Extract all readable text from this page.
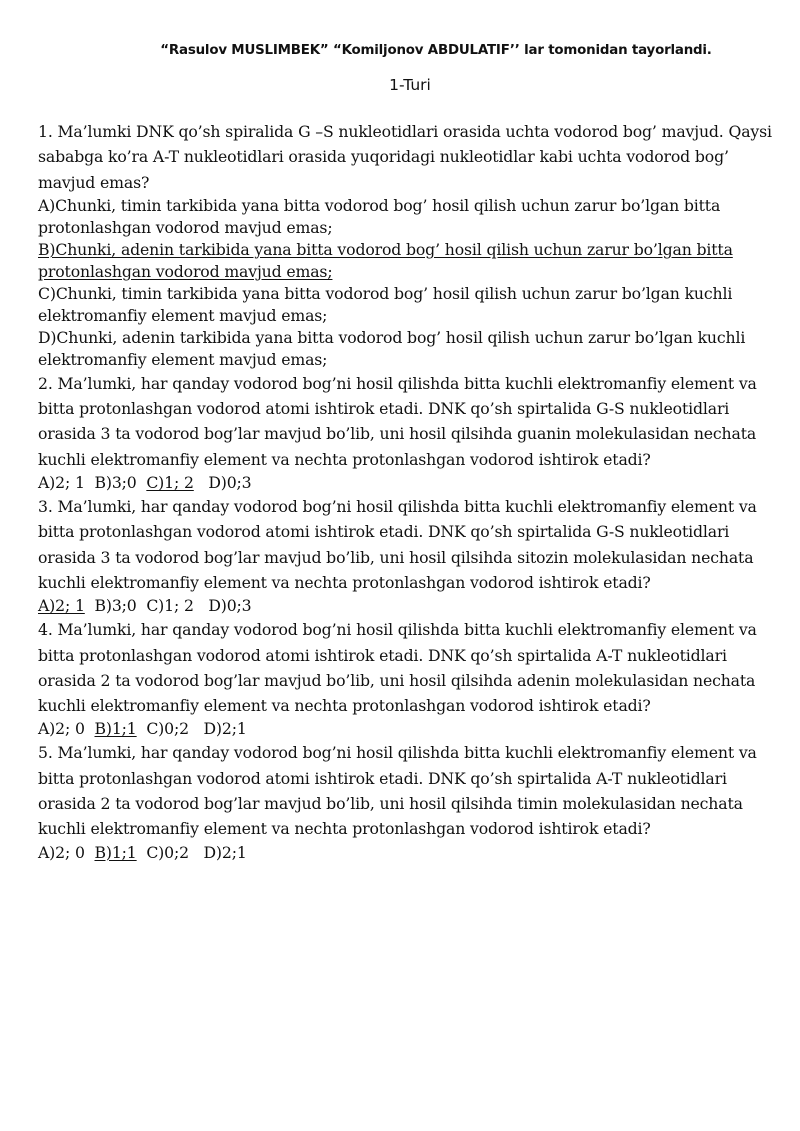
“Rasulov MUSLIMBEK” “Komiljonov ABDULATIF’’ lar tomonidan tayorlandi.
1-Turi

1. Ma’lumki DNK qo’sh spiralida G –S nukleotidlari orasida uchta vodorod bog’ mavjud. Qaysi sababga ko’ra A-T nukleotidlari orasida yuqoridagi nukleotidlar kabi uchta vodorod bog’ mavjud emas?

A)Chunki, timin tarkibida yana bitta vodorod bog’ hosil qilish uchun zarur bo’lgan bitta protonlashgan vodorod mavjud emas;

B)Chunki, adenin tarkibida yana bitta vodorod bog’ hosil qilish uchun zarur bo’lgan bitta protonlashgan vodorod mavjud emas;

C)Chunki, timin tarkibida yana bitta vodorod bog’ hosil qilish uchun zarur bo’lgan kuchli elektromanfiy element mavjud emas;

D)Chunki, adenin tarkibida yana bitta vodorod bog’ hosil qilish uchun zarur bo’lgan kuchli elektromanfiy element mavjud emas;

2. Ma’lumki, har qanday vodorod bog’ni hosil qilishda bitta kuchli elektromanfiy element va bitta protonlashgan vodorod atomi ishtirok etadi. DNK qo’sh spirtalida G-S nukleotidlari orasida 3 ta vodorod bog’lar mavjud bo’lib, uni hosil qilsihda guanin molekulasidan nechata kuchli elektromanfiy element va nechta protonlashgan vodorod ishtirok etadi?

A)2; 1 B)3;0 C)1; 2 D)0;3

3. Ma’lumki, har qanday vodorod bog’ni hosil qilishda bitta kuchli elektromanfiy element va bitta protonlashgan vodorod atomi ishtirok etadi. DNK qo’sh spirtalida G-S nukleotidlari orasida 3 ta vodorod bog’lar mavjud bo’lib, uni hosil qilsihda sitozin molekulasidan nechata kuchli elektromanfiy element va nechta protonlashgan vodorod ishtirok etadi?

A)2; 1 B)3;0 C)1; 2 D)0;3

4. Ma’lumki, har qanday vodorod bog’ni hosil qilishda bitta kuchli elektromanfiy element va bitta protonlashgan vodorod atomi ishtirok etadi. DNK qo’sh spirtalida A-T nukleotidlari orasida 2 ta vodorod bog’lar mavjud bo’lib, uni hosil qilsihda adenin molekulasidan nechata kuchli elektromanfiy element va nechta protonlashgan vodorod ishtirok etadi?

A)2; 0 B)1;1 C)0;2 D)2;1

5. Ma’lumki, har qanday vodorod bog’ni hosil qilishda bitta kuchli elektromanfiy element va bitta protonlashgan vodorod atomi ishtirok etadi. DNK qo’sh spirtalida A-T nukleotidlari orasida 2 ta vodorod bog’lar mavjud bo’lib, uni hosil qilsihda timin molekulasidan nechata kuchli elektromanfiy element va nechta protonlashgan vodorod ishtirok etadi?

A)2; 0 B)1;1 C)0;2 D)2;1
